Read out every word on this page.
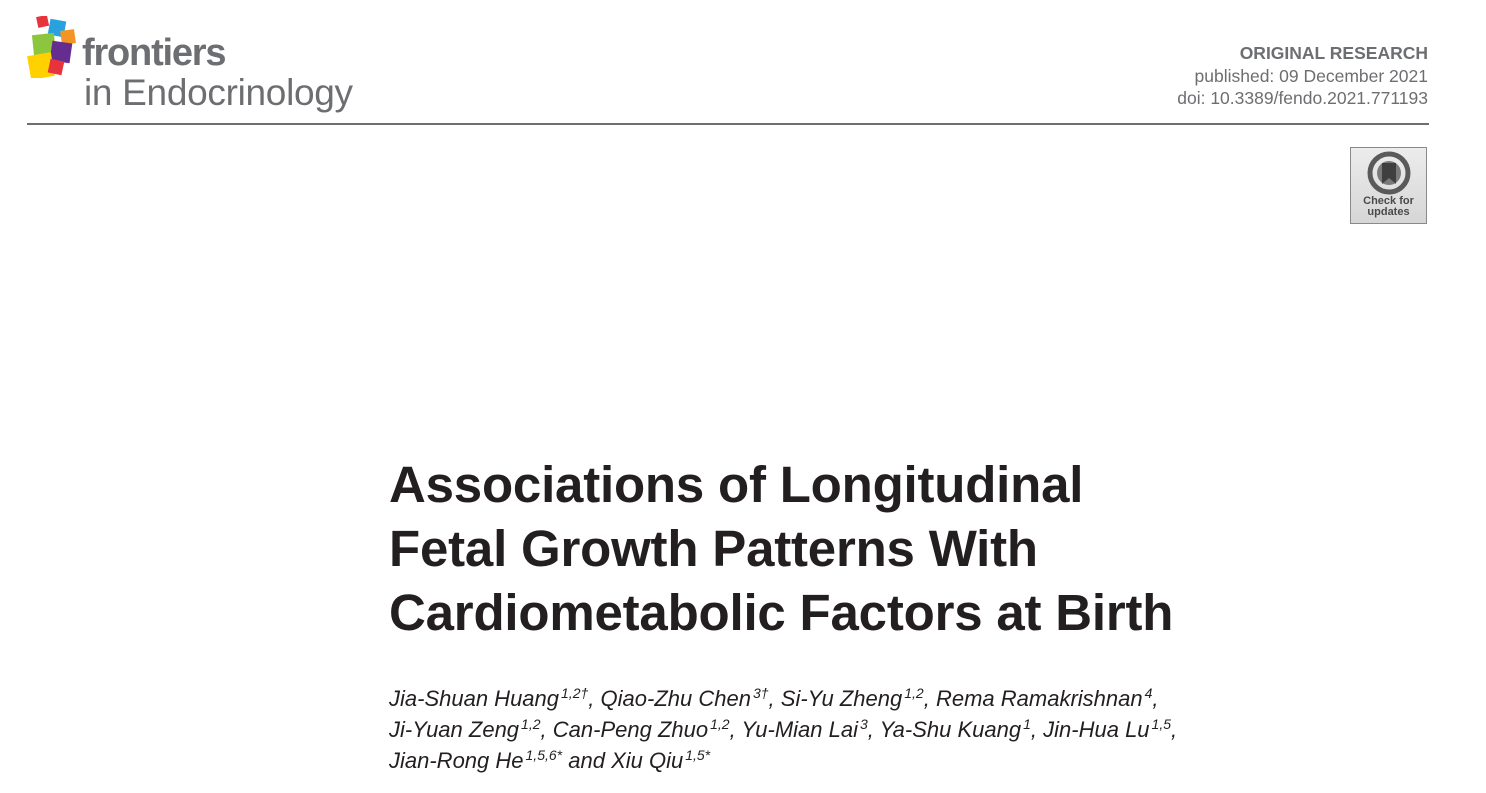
frontiers
in Endocrinology
ORIGINAL RESEARCH
published: 09 December 2021
doi: 10.3389/fendo.2021.771193
Check for
updates
Associations of Longitudinal
Fetal Growth Patterns With
Cardiometabolic Factors at Birth

Jia-Shuan Huang $^{1,2\dagger}$, Qiao-Zhu Chen $^{3\dagger}$, Si-Yu Zheng $^{1,2}$, Rema Ramakrishnan $^4$,
Ji-Yuan Zeng $^{1,2}$, Can-Peng Zhuo $^{1,2}$, Yu-Mian Lai $^3$, Ya-Shu Kuang $^1$, Jin-Hua Lu $^{1,5}$,
Jian-Rong He $^{1,5,6*}$ and Xiu Qiu $^{1,5*}$
